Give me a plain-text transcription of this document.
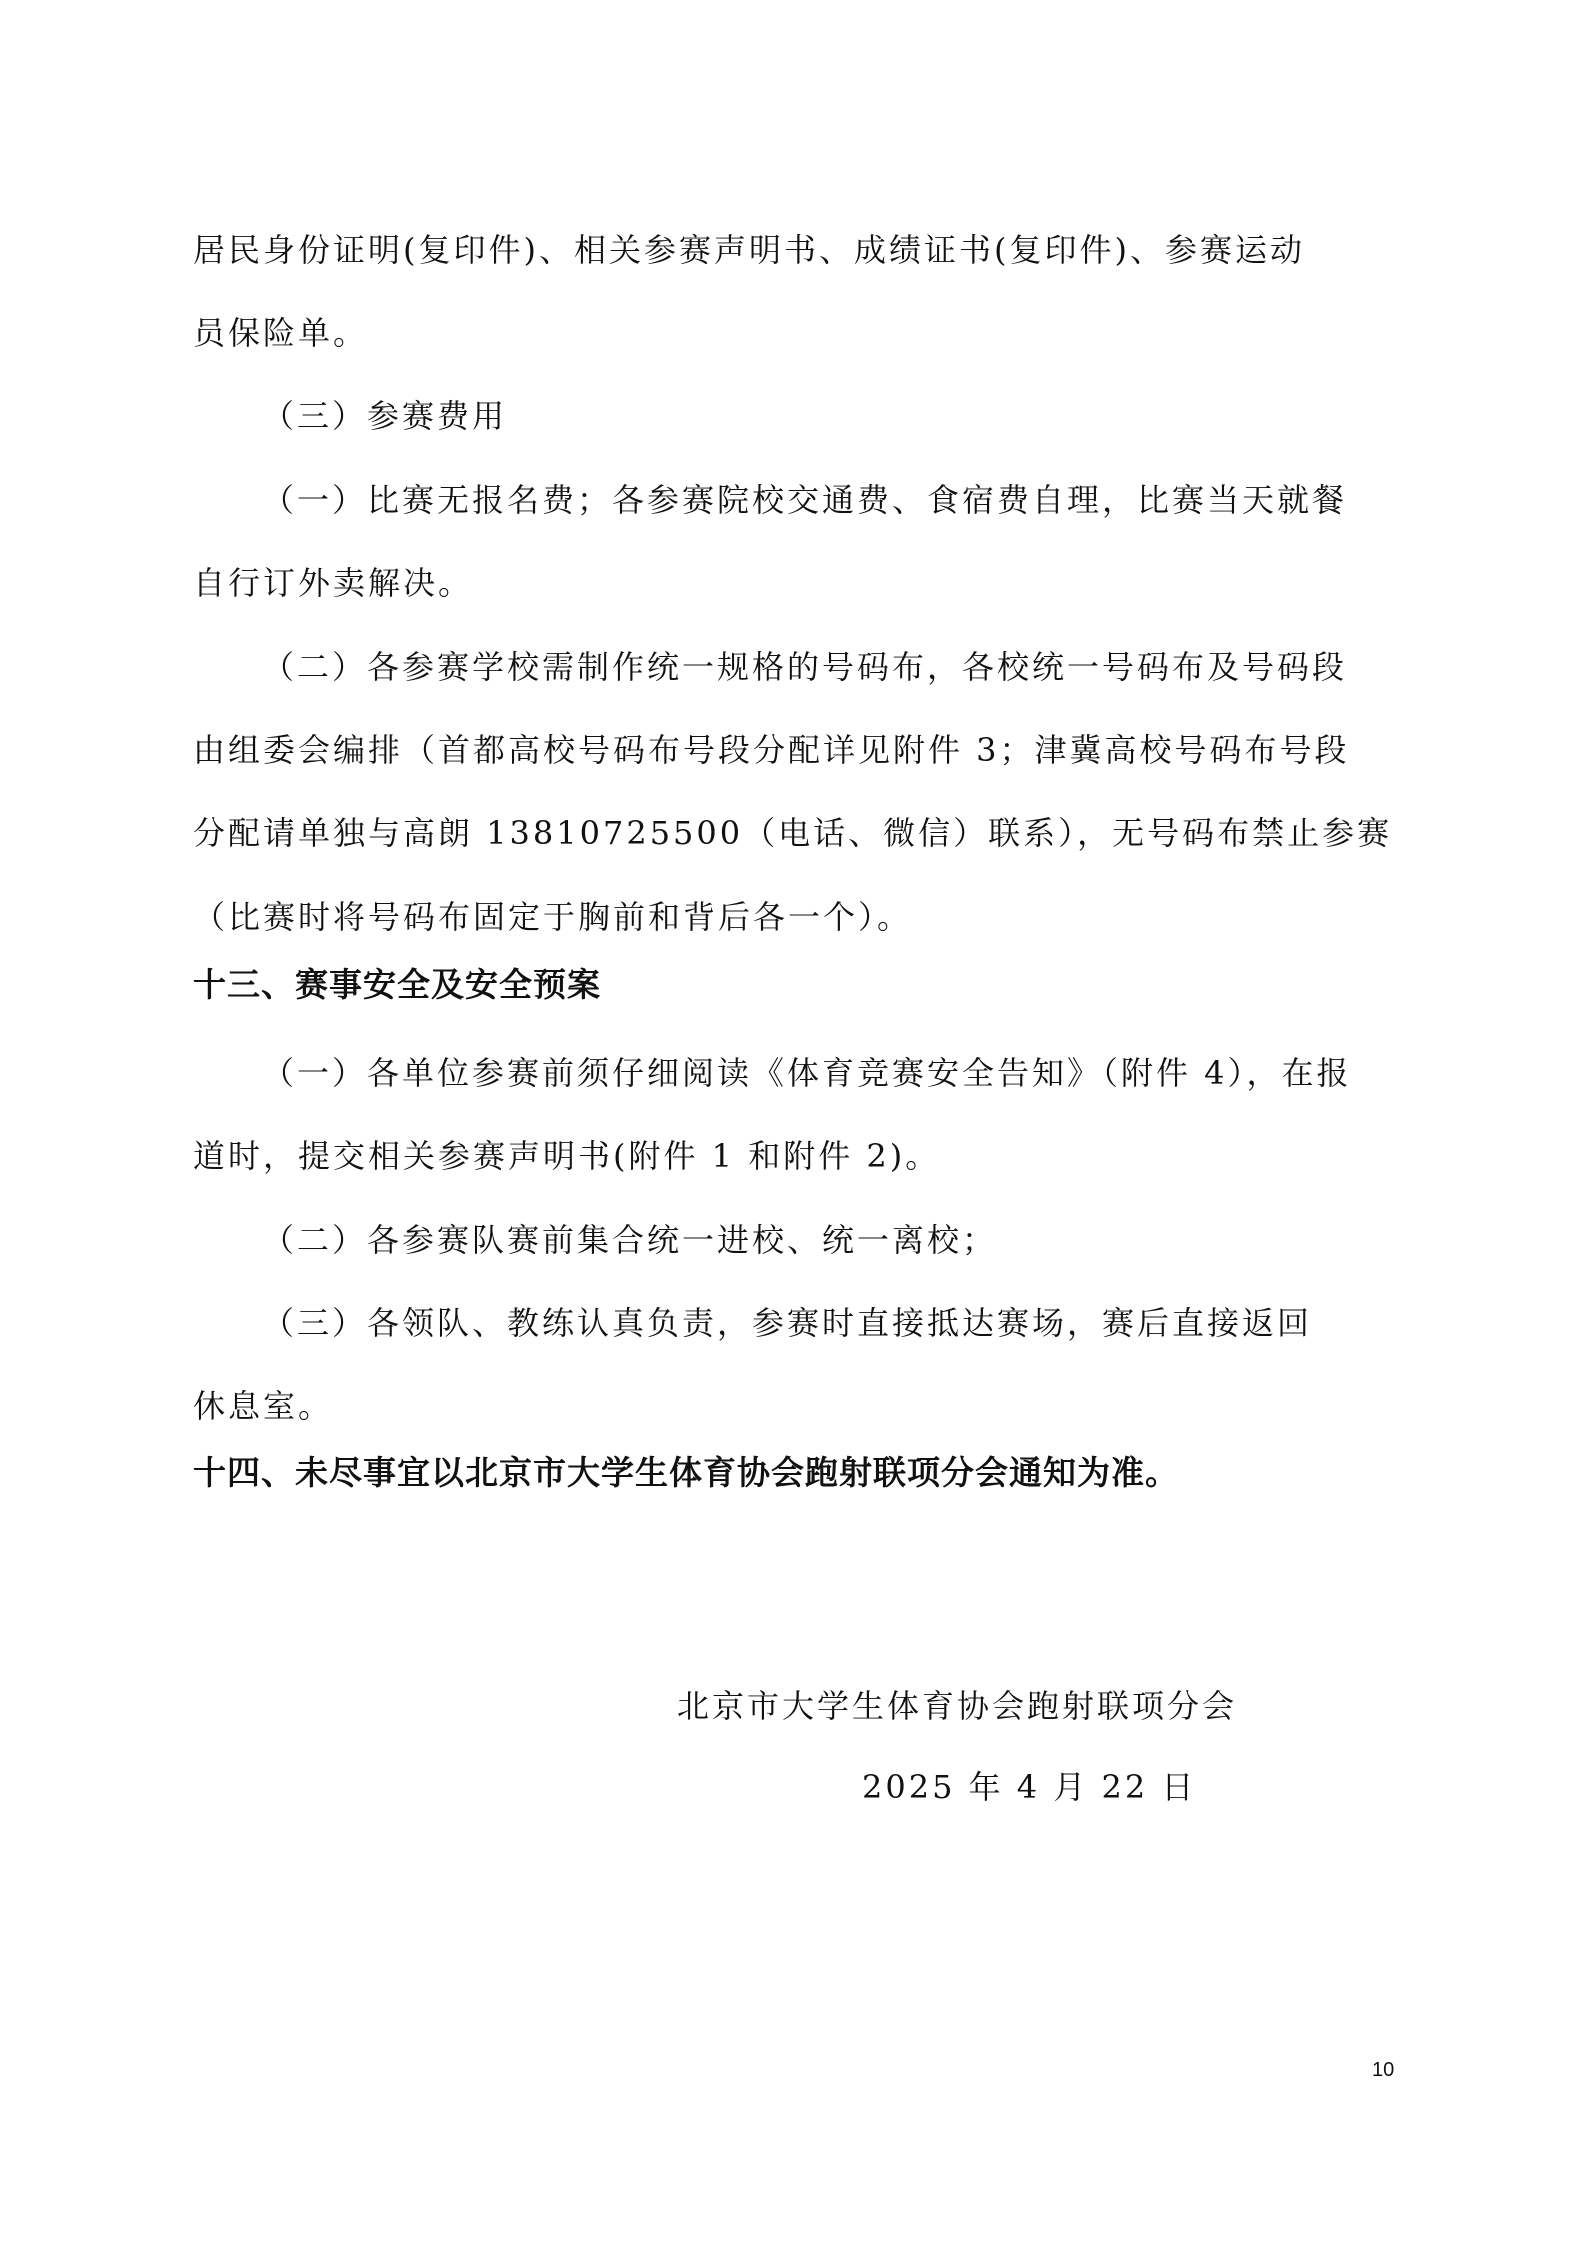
居民身份证明(复印件)、相关参赛声明书、成绩证书(复印件)、参赛运动
员保险单。
（三）参赛费用
（一）比赛无报名费；各参赛院校交通费、食宿费自理，比赛当天就餐
自行订外卖解决。
（二）各参赛学校需制作统一规格的号码布，各校统一号码布及号码段
由组委会编排（首都高校号码布号段分配详见附件 3；津冀高校号码布号段
分配请单独与高朗 13810725500（电话、微信）联系），无号码布禁止参赛
（比赛时将号码布固定于胸前和背后各一个）。
十三、赛事安全及安全预案
（一）各单位参赛前须仔细阅读《体育竞赛安全告知》（附件 4），在报
道时，提交相关参赛声明书(附件 1 和附件 2)。
（二）各参赛队赛前集合统一进校、统一离校；
（三）各领队、教练认真负责，参赛时直接抵达赛场，赛后直接返回
休息室。
十四、未尽事宜以北京市大学生体育协会跑射联项分会通知为准。
北京市大学生体育协会跑射联项分会
2025 年 4 月 22 日
10
